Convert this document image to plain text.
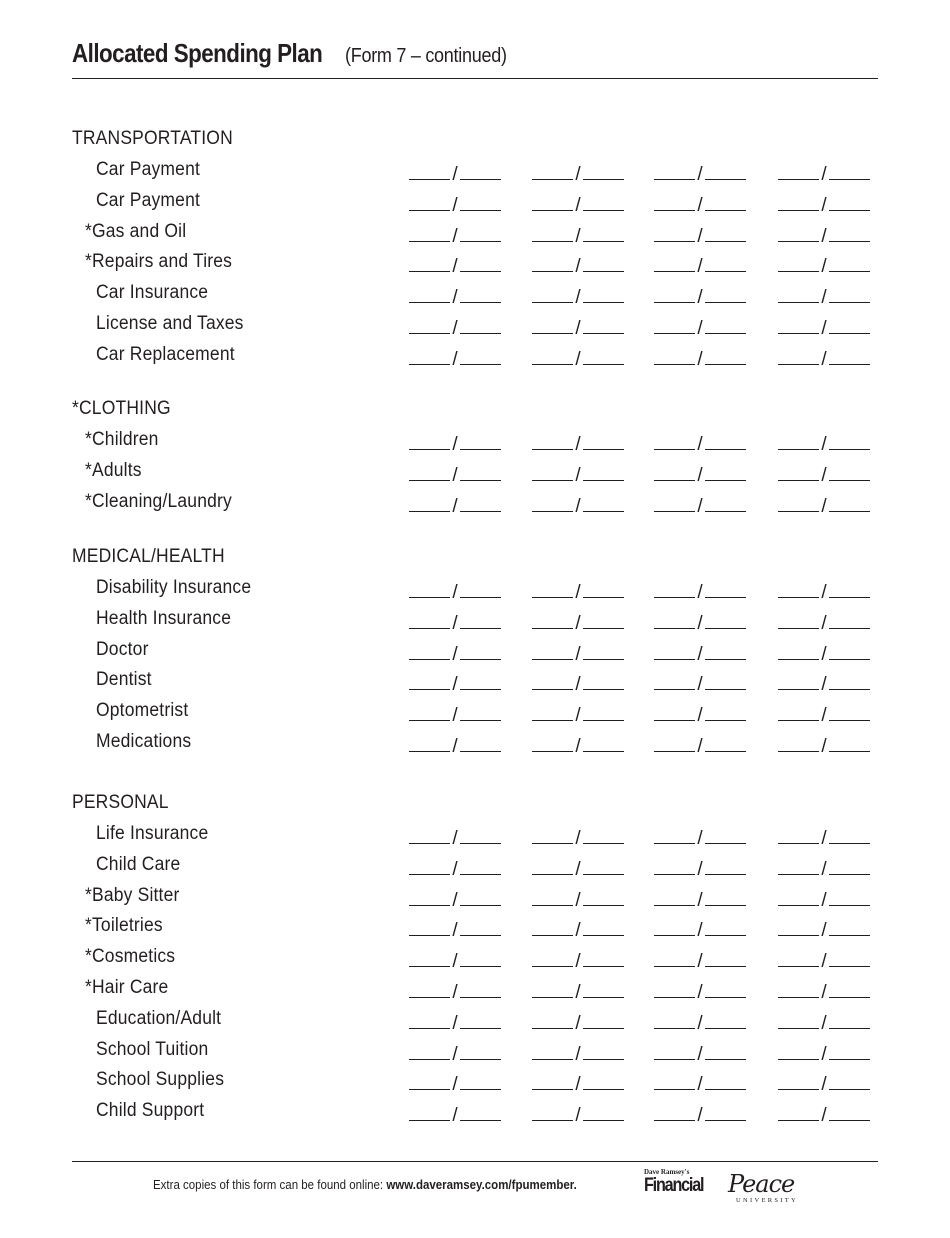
Allocated Spending Plan (Form 7 – continued)
TRANSPORTATION
Car Payment	/	/	/	/
Car Payment	/	/	/	/
*Gas and Oil	/	/	/	/
*Repairs and Tires	/	/	/	/
Car Insurance	/	/	/	/
License and Taxes	/	/	/	/
Car Replacement	/	/	/	/
*CLOTHING
*Children	/	/	/	/
*Adults	/	/	/	/
*Cleaning/Laundry	/	/	/	/
MEDICAL/HEALTH
Disability Insurance	/	/	/	/
Health Insurance	/	/	/	/
Doctor	/	/	/	/
Dentist	/	/	/	/
Optometrist	/	/	/	/
Medications	/	/	/	/
PERSONAL
Life Insurance	/	/	/	/
Child Care	/	/	/	/
*Baby Sitter	/	/	/	/
*Toiletries	/	/	/	/
*Cosmetics	/	/	/	/
*Hair Care	/	/	/	/
Education/Adult	/	/	/	/
School Tuition	/	/	/	/
School Supplies	/	/	/	/
Child Support	/	/	/	/
Extra copies of this form can be found online: www.daveramsey.com/fpumember.
Dave Ramsey's
Financial Peace
UNIVERSITY
